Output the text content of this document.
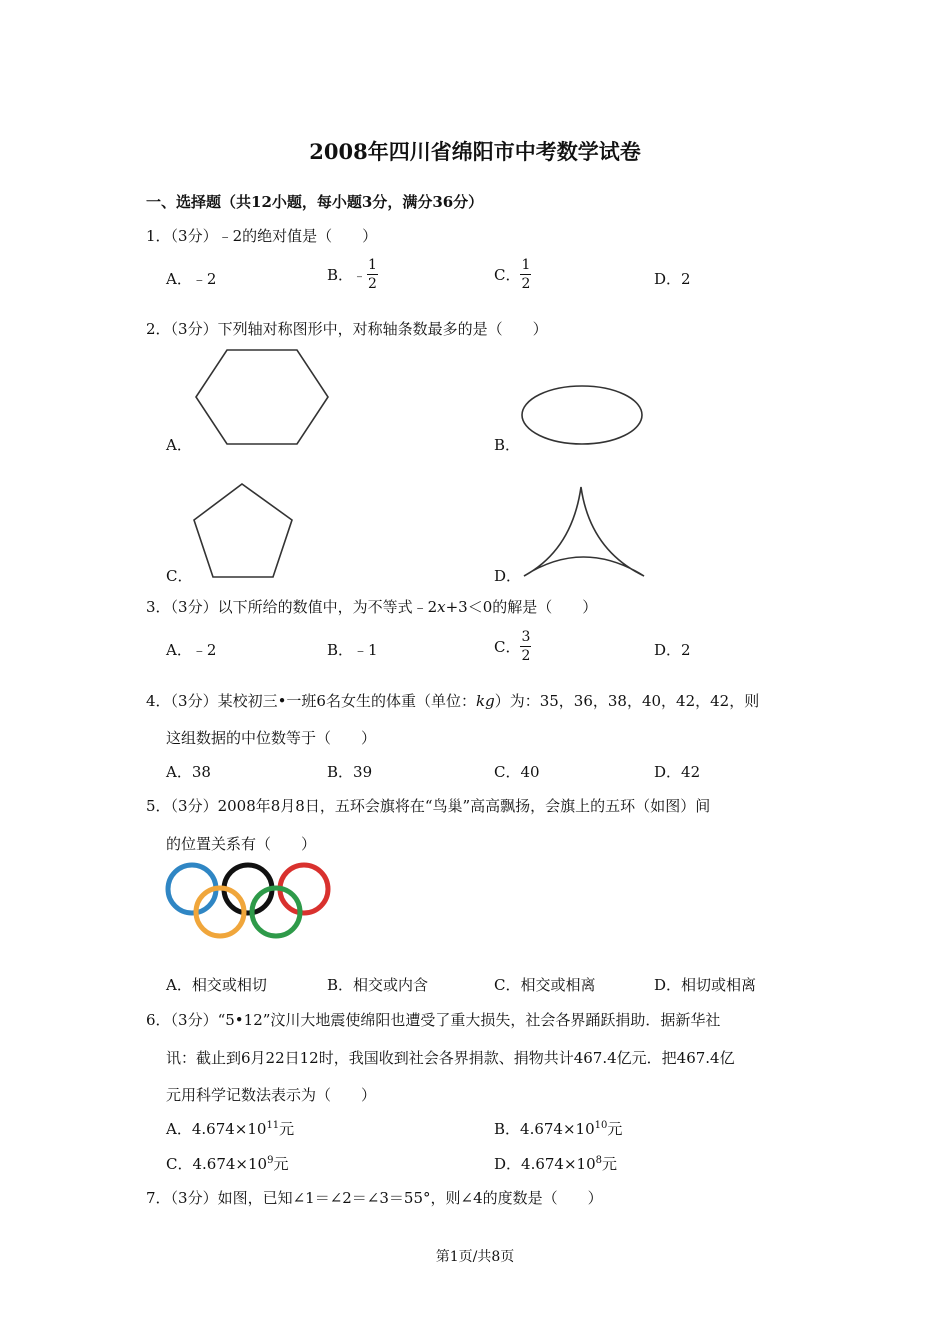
2008年四川省绵阳市中考数学试卷
一、选择题（共12小题，每小题3分，满分36分）
1．（3分）﹣2的绝对值是（　　）
A．﹣2	B．﹣ $\frac{1}{2}$	C． $\frac{1}{2}$	D．2
2．（3分）下列轴对称图形中，对称轴条数最多的是（　　）
A．	B．
C．	D．
3．（3分）以下所给的数值中，为不等式﹣2x+3＜0的解是（　　）
A．﹣2	B．﹣1	C． $\frac{3}{2}$	D．2
4．（3分）某校初三•一班6名女生的体重（单位：kg）为：35，36，38，40，42，42，则
这组数据的中位数等于（　　）
A．38	B．39	C．40	D．42
5．（3分）2008年8月8日，五环会旗将在“鸟巢”高高飘扬，会旗上的五环（如图）间
的位置关系有（　　）
A．相交或相切	B．相交或内含	C．相交或相离	D．相切或相离
6．（3分）“5•12”汶川大地震使绵阳也遭受了重大损失，社会各界踊跃捐助．据新华社
讯：截止到6月22日12时，我国收到社会各界捐款、捐物共计467.4亿元．把467.4亿
元用科学记数法表示为（　　）
A．$4.674\times 10^{11}$元	B．$4.674\times 10^{10}$元
C．$4.674\times 10^9$元	D．$4.674\times 10^8$元
7．（3分）如图，已知∠1＝∠2＝∠3＝55°，则∠4的度数是（　　）
第1页/共8页
